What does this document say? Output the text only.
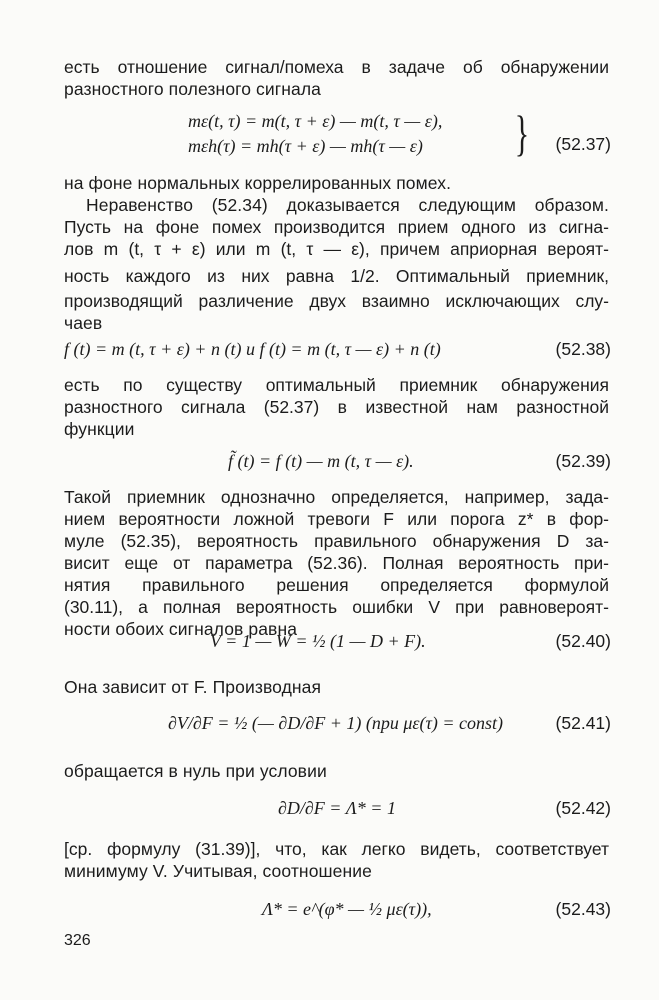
есть отношение сигнал/помеха в задаче об обнаружении
разностного полезного сигнала
mε(t, τ) = m(t, τ + ε) — m(t, τ — ε),
mεh(τ) = mh(τ + ε) — mh(τ — ε) } (52.37)
на фоне нормальных коррелированных помех.
Неравенство (52.34) доказывается следующим образом.
Пусть на фоне помех производится прием одного из сигна-
лов m (t, τ + ε) или m (t, τ — ε), причем априорная вероят-
ность каждого из них равна 1/2. Оптимальный приемник,
производящий различение двух взаимно исключающих слу-
чаев
f (t) = m (t, τ + ε) + n (t) и f (t) = m (t, τ — ε) + n (t)	(52.38)
есть по существу оптимальный приемник обнаружения
разностного сигнала (52.37) в известной нам разностной
функции
f̃ (t) = f (t) — m (t, τ — ε).	(52.39)
Такой приемник однозначно определяется, например, зада-
нием вероятности ложной тревоги F или порога z* в фор-
муле (52.35), вероятность правильного обнаружения D за-
висит еще от параметра (52.36). Полная вероятность при-
нятия правильного решения определяется формулой
(30.11), а полная вероятность ошибки V при равновероят-
ности обоих сигналов равна
V = 1 — W = ½ (1 — D + F).	(52.40)
Она зависит от F. Производная
∂V/∂F = ½ (— ∂D/∂F + 1) (при με(τ) = const)	(52.41)
обращается в нуль при условии
∂D/∂F = Λ* = 1	(52.42)
[ср. формулу (31.39)], что, как легко видеть, соответствует
минимуму V. Учитывая, соотношение
Λ* = e^(φ* — ½ με(τ)),	(52.43)
326
